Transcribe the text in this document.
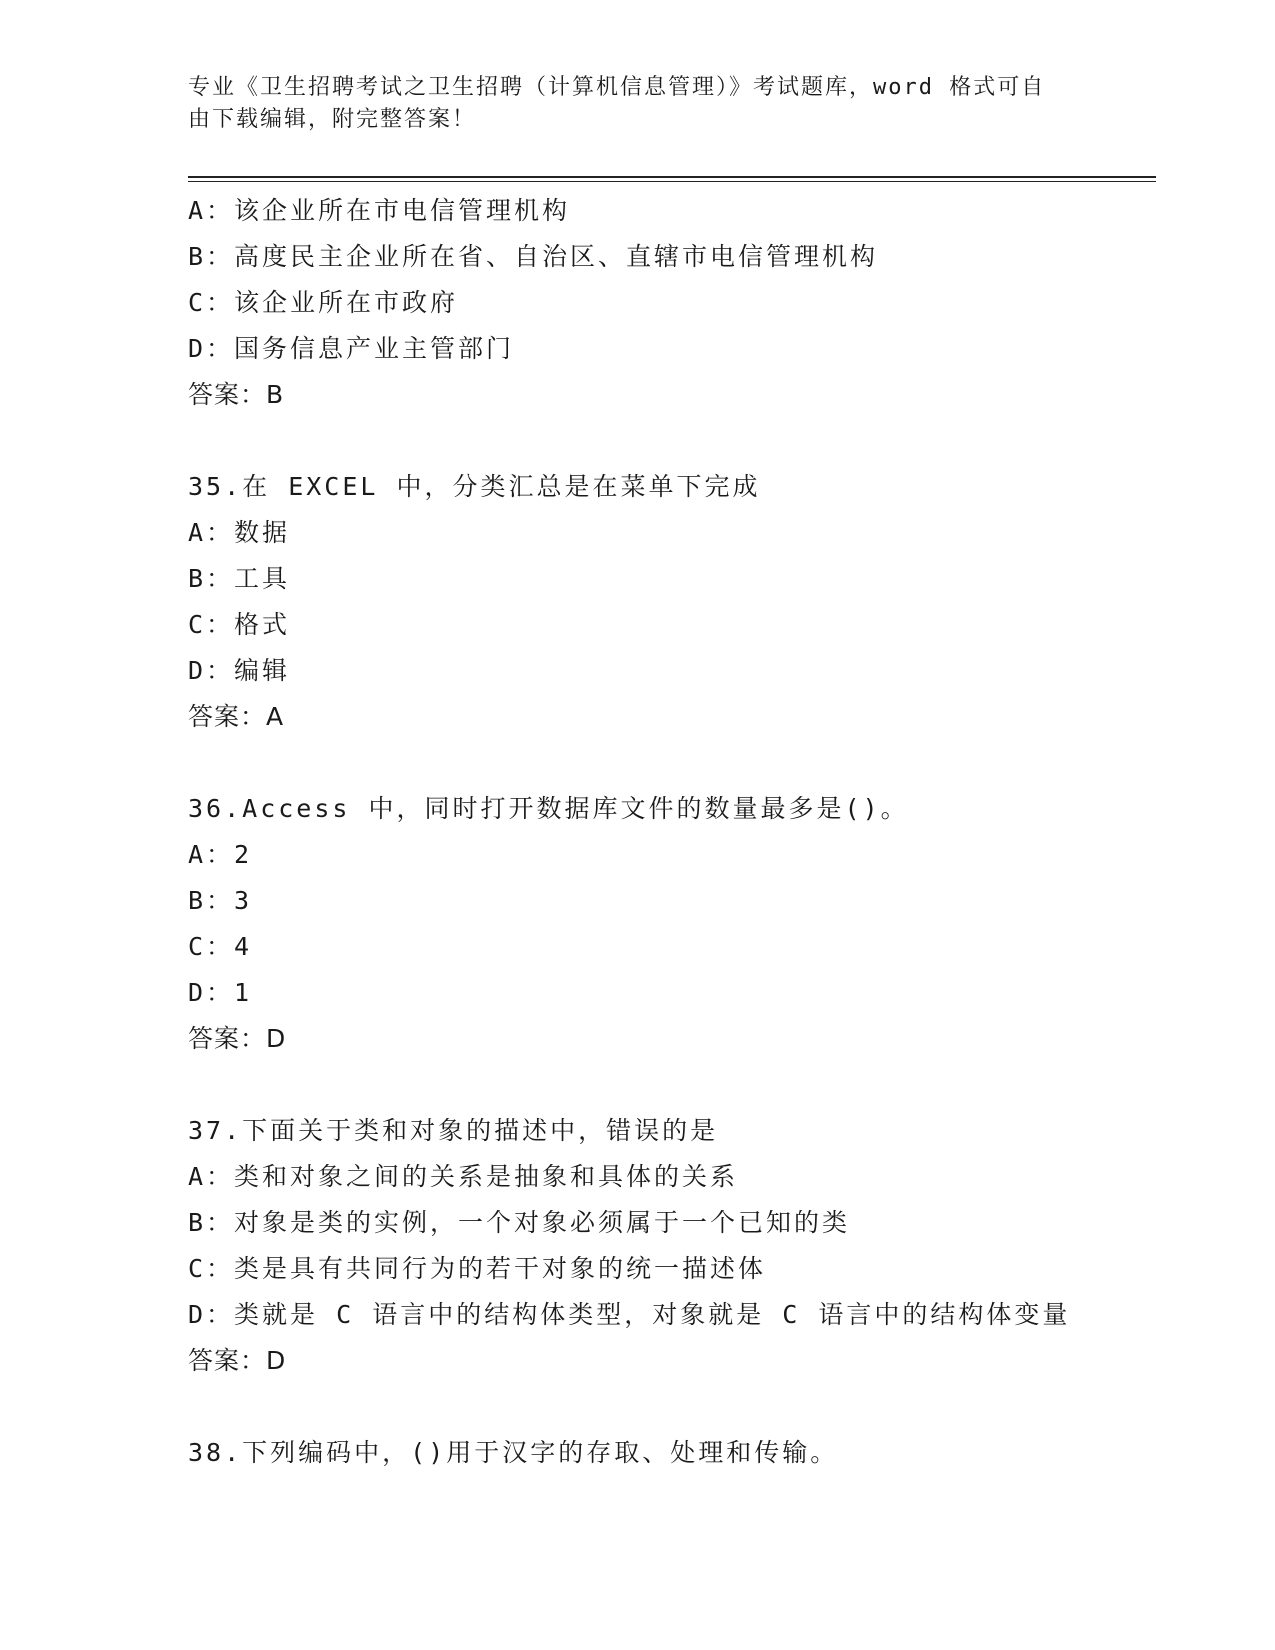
专业《卫生招聘考试之卫生招聘（计算机信息管理）》考试题库，word 格式可自
由下载编辑，附完整答案！
A：该企业所在市电信管理机构
B：高度民主企业所在省、自治区、直辖市电信管理机构
C：该企业所在市政府
D：国务信息产业主管部门
答案：B
35.在 EXCEL 中，分类汇总是在菜单下完成
A：数据
B：工具
C：格式
D：编辑
答案：A
36.Access 中，同时打开数据库文件的数量最多是()。
A：2
B：3
C：4
D：1
答案：D
37.下面关于类和对象的描述中，错误的是
A：类和对象之间的关系是抽象和具体的关系
B：对象是类的实例，一个对象必须属于一个已知的类
C：类是具有共同行为的若干对象的统一描述体
D：类就是 C 语言中的结构体类型，对象就是 C 语言中的结构体变量
答案：D
38.下列编码中，()用于汉字的存取、处理和传输。
